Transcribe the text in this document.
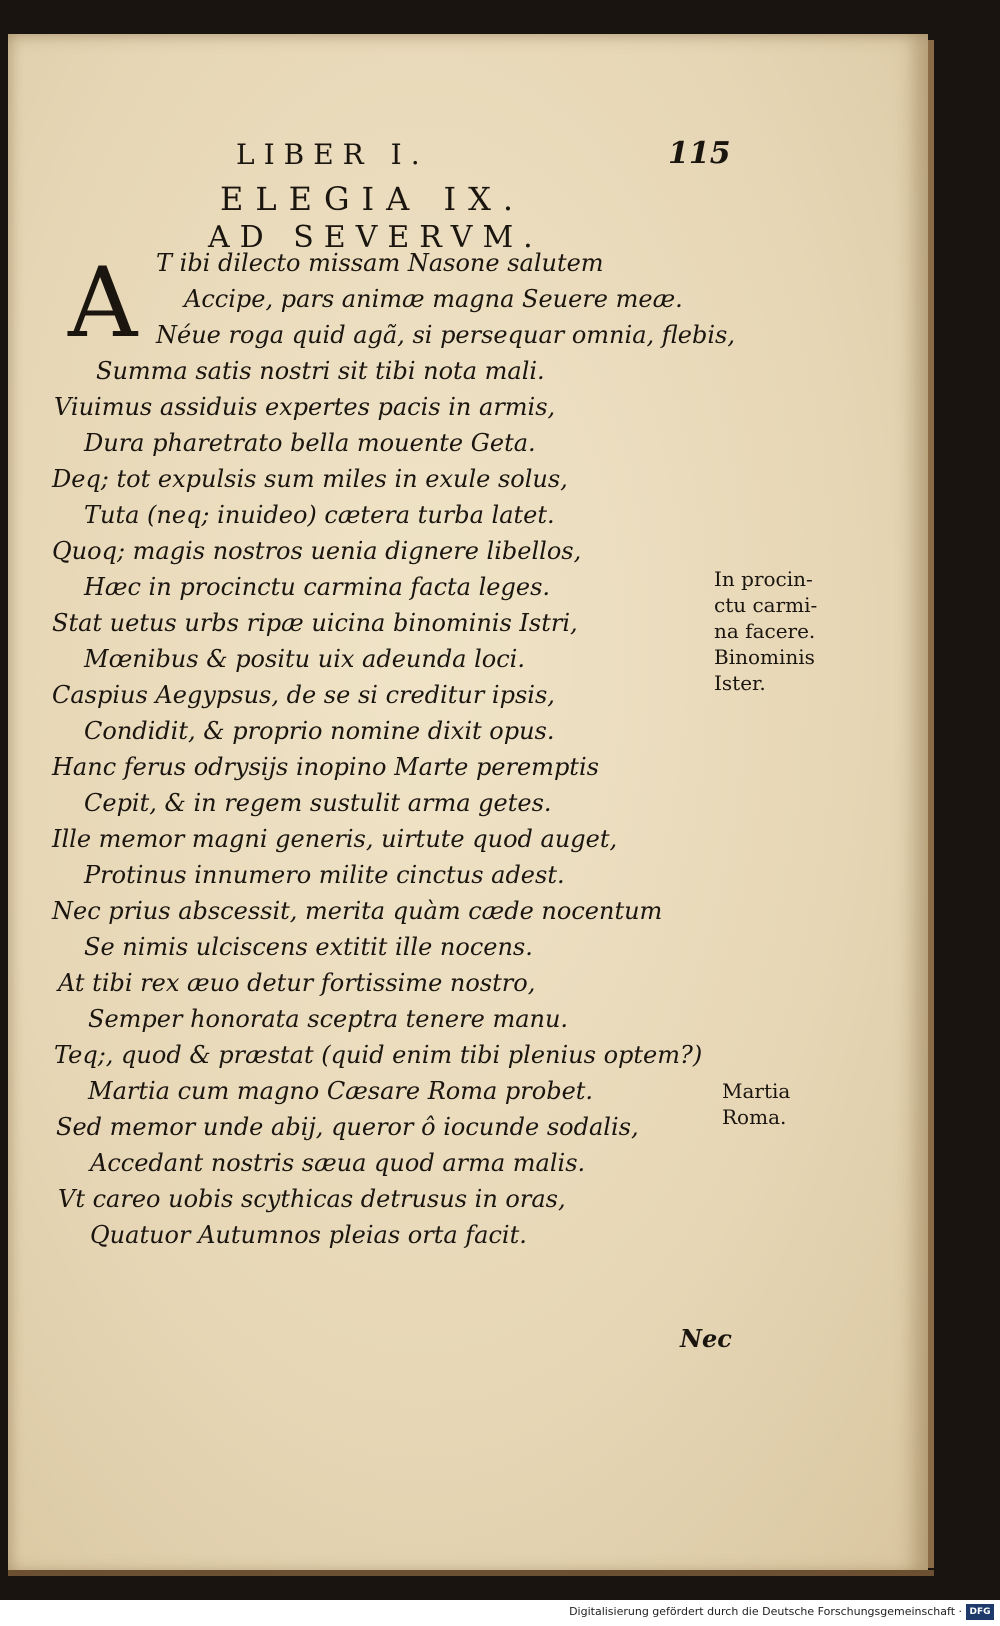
LIBER I.	115
ELEGIA IX.
AD SEVERVM.
A T ibi dilecto missam Nasone salutem
Accipe, pars animæ magna Seuere meæ.
Néue roga quid agã, si persequar omnia, flebis,
Summa satis nostri sit tibi nota mali.
Viuimus assiduis expertes pacis in armis,
Dura pharetrato bella mouente Geta.
Deq; tot expulsis sum miles in exule solus,
Tuta (neq; inuideo) cætera turba latet.
Quoq; magis nostros uenia dignere libellos,
Hæc in procinctu carmina facta leges.
Stat uetus urbs ripæ uicina binominis Istri,
Mœnibus & positu uix adeunda loci.
Caspius Aegypsus, de se si creditur ipsis,
Condidit, & proprio nomine dixit opus.
Hanc ferus odrysijs inopino Marte peremptis
Cepit, & in regem sustulit arma getes.
Ille memor magni generis, uirtute quod auget,
Protinus innumero milite cinctus adest.
Nec prius abscessit, merita quàm cæde nocentum
Se nimis ulciscens extitit ille nocens.
At tibi rex æuo detur fortissime nostro,
Semper honorata sceptra tenere manu.
Teq;, quod & præstat (quid enim tibi plenius optem?)
Martia cum magno Cæsare Roma probet.
Sed memor unde abij, queror ô iocunde sodalis,
Accedant nostris sæua quod arma malis.
Vt careo uobis scythicas detrusus in oras,
Quatuor Autumnos pleias orta facit.
In procin-
ctu carmi-
na facere.
Binominis
Ister.
Martia
Roma.
Nec
Digitalisierung gefördert durch die Deutsche Forschungsgemeinschaft · DFG
